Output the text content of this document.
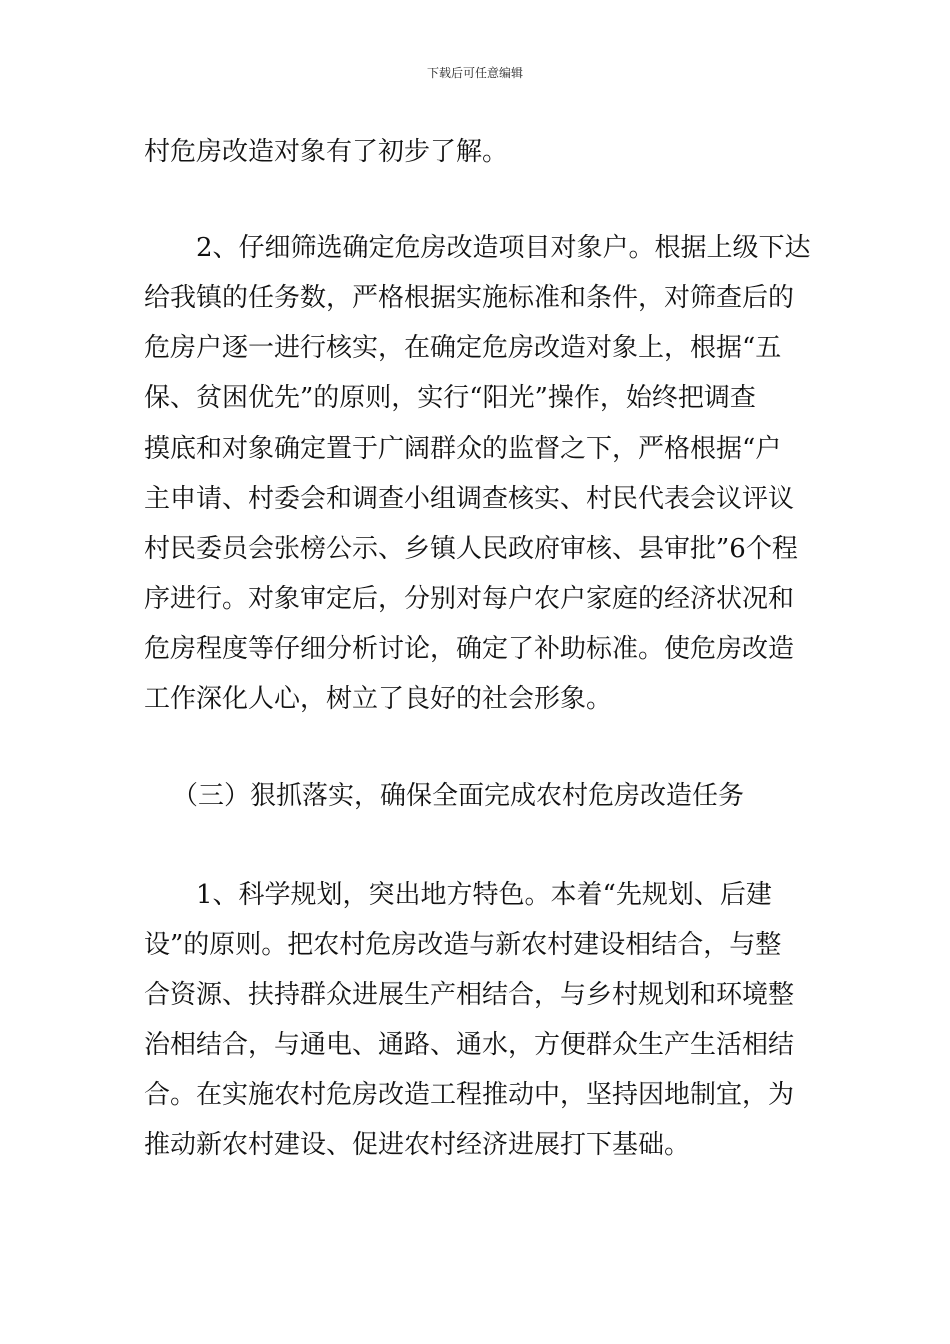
下载后可任意编辑
村危房改造对象有了初步了解。
2、仔细筛选确定危房改造项目对象户。根据上级下达
给我镇的任务数，严格根据实施标准和条件，对筛查后的
危房户逐一进行核实，在确定危房改造对象上，根据“五
保、贫困优先”的原则，实行“阳光”操作，始终把调查
摸底和对象确定置于广阔群众的监督之下，严格根据“户
主申请、村委会和调查小组调查核实、村民代表会议评议
村民委员会张榜公示、乡镇人民政府审核、县审批”6个程
序进行。对象审定后，分别对每户农户家庭的经济状况和
危房程度等仔细分析讨论，确定了补助标准。使危房改造
工作深化人心，树立了良好的社会形象。
（三）狠抓落实，确保全面完成农村危房改造任务
1、科学规划，突出地方特色。本着“先规划、后建
设”的原则。把农村危房改造与新农村建设相结合，与整
合资源、扶持群众进展生产相结合，与乡村规划和环境整
治相结合，与通电、通路、通水，方便群众生产生活相结
合。在实施农村危房改造工程推动中，坚持因地制宜，为
推动新农村建设、促进农村经济进展打下基础。
